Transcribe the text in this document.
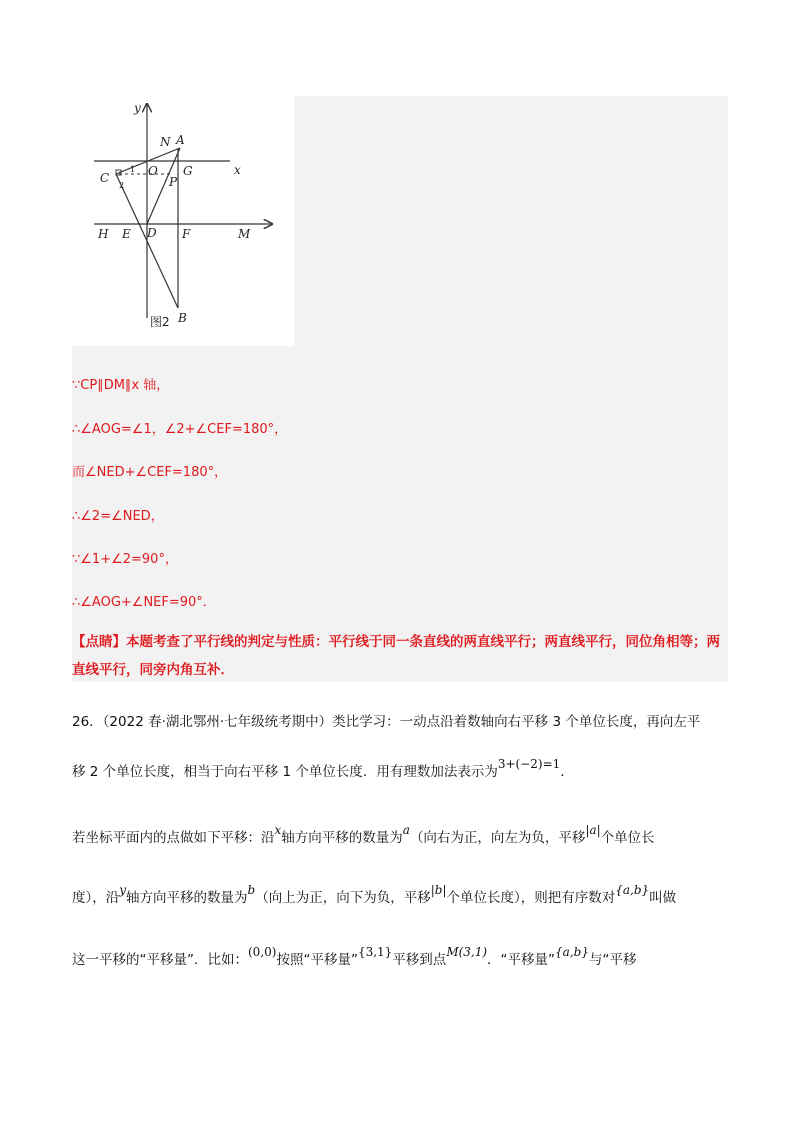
y
x
N A
C	O G
P
1
2
H E D F	M
B
图2
∵CP∥DM∥x 轴，
∴∠AOG=∠1，∠2+∠CEF=180°，
而∠NED+∠CEF=180°，
∴∠2=∠NED，
∵∠1+∠2=90°，
∴∠AOG+∠NEF=90°．
【点睛】本题考查了平行线的判定与性质：平行线于同一条直线的两直线平行；两直线平行，同位角相等；两直线平行，同旁内角互补．
26．（2022 春·湖北鄂州·七年级统考期中）类比学习：一动点沿着数轴向右平移 3 个单位长度，再向左平
移 2 个单位长度，相当于向右平移 1 个单位长度．用有理数加法表示为3+(−2)=1．
若坐标平面内的点做如下平移：沿x轴方向平移的数量为a（向右为正，向左为负，平移|a|个单位长
度），沿y轴方向平移的数量为b（向上为正，向下为负，平移|b|个单位长度），则把有序数对{a,b}叫做
这一平移的“平移量”．比如：(0,0)按照“平移量”{3,1}平移到点M(3,1)．“平移量”{a,b}与“平移
